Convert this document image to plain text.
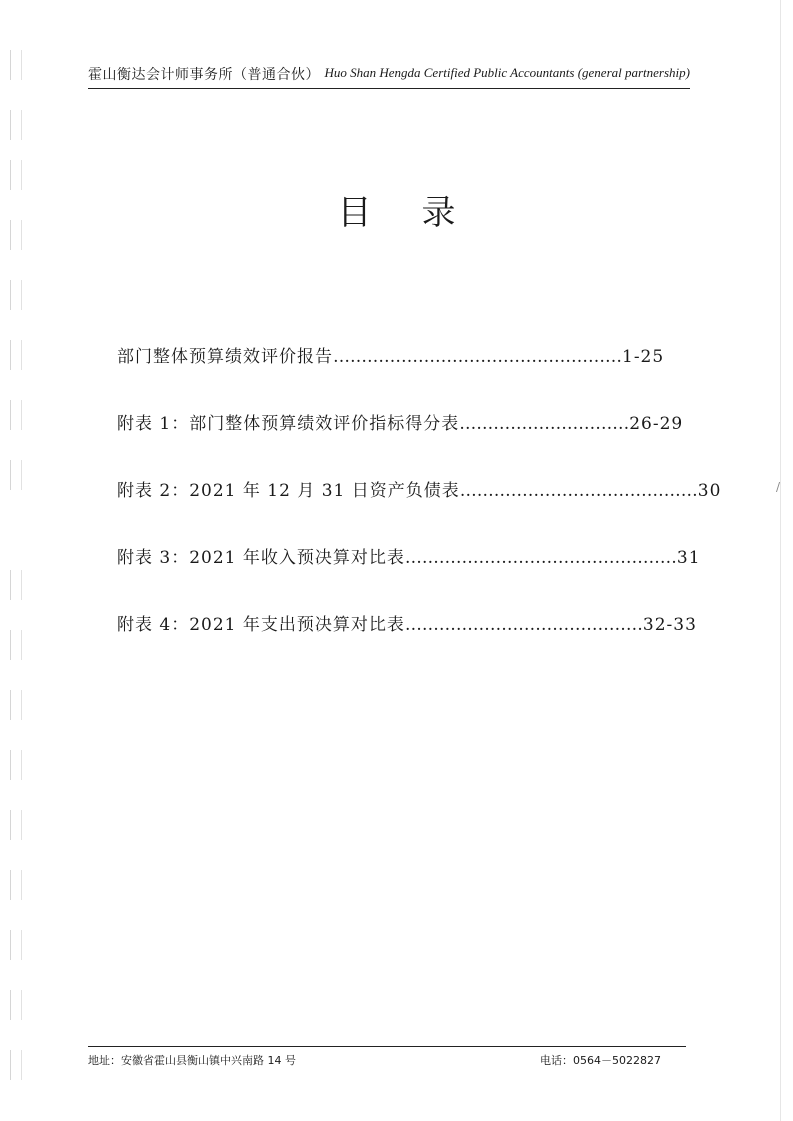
霍山衡达会计师事务所（普通合伙） Huo Shan Hengda Certified Public Accountants (general partnership)
目录
部门整体预算绩效评价报告……………………………………………1-25
附表 1：部门整体预算绩效评价指标得分表…………………………26-29
附表 2：2021 年 12 月 31 日资产负债表……………………………………30
附表 3：2021 年收入预决算对比表…………………………………………31
附表 4：2021 年支出预决算对比表……………………………………32-33
/
地址：安徽省霍山县衡山镇中兴南路 14 号	电话：0564－5022827
